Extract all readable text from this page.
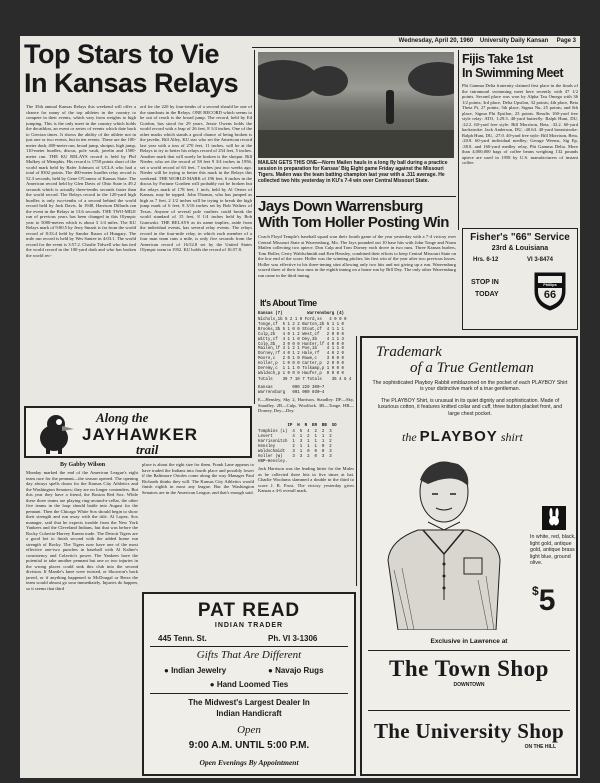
Wednesday, April 20, 1960 University Daily Kansan Page 3
Top Stars to Vie
In Kansas Relays
The 35th annual Kansas Relays this weekend will offer a chance for many of the top athletes in the country to compete in their events, which vary from weights to high jumping. This is the only meet in the country which holds the decathlon, an event or series of events which date back to Grecian times. It shows the ability of the athlete not in just one or two events, but in ten events. These are the 100-meter dash, 400-meter run, broad jump, shotput, high jump, 110-meter hurdles, discus, pole vault, javelin and 1500-meter run. THE KU RELAYS record is held by Phil Mulkey of Memphis. His record is 1758 points short of the world mark held by Rafer Johnson of UCLA who had a total of 8302 points. The 400-meter hurdles relay record is 52.3 seconds, held by Gene O'Connor of Kansas State. The American record held by Glen Davis of Ohio State is 49.2 seconds which is actually three-tenths seconds faster than the world record. The Relays record in the 120-yard high hurdles is only two-tenths of a second behind the world record held by Jack Davis. In 1948, Harrison Dillards ran the event in the Relays in 13.6 seconds. THE TWO-MILE run of previous years has been changed in this Olympic year to 5000-meters which is about 3 1/4 miles. The KU Relays mark of 9:00.5 by Jerry Smartt is far from the world record of 8:33.4 held by Sandor Iharos of Hungary. The mile run record is held by Wes Santee in 4:03.1. The world record for the event is 3:57.2. Charlie Tidwell who has tied the world record in the 100-yard dash and who has broken the world rec-
ord for the 220 by four-tenths of a second should be one of the standouts in the Relays. ONE RECORD which seems to be out of reach is the broad jump. The record, held by Ed Gordon, has stood for 29 years. Jessie Owens holds the world record with a leap of 26 feet, 8 1/4 inches. One of the other marks which stands a good chance of being broken is the javelin. Bill Alley, KU star who set the American record last year with a toss of 270 feet, 11 inches, will be at the Relays to try to better his relays record of 254 feet, 5 inches. Another mark that will surely be broken is the shotput. Bill Nieder, who set the record of 58 feet 9 3/4 inches in 1956, set a world record of 63 feet, 7 inches just two weeks ago. Nieder will be trying to better this mark in the Relays this weekend. THE WORLD MARK of 196 feet, 6 inches in the discus by Fortune Gordien will probably not be broken but the relays mark of 178 feet, 1 inch, held by Al Oerter of Kansas, may be topped. John Thomas, who has jumped as high as 7 feet, 2 1/2 inches will be trying to break the high jump mark of 6 feet, 8 3/16 inches set by Bob Walters of Texas. Anyone of several pole vaulters could break the world standard of 15 feet, 8 1/4 inches held by Bob Gutowski. THE RELAYS as its name implies, aside from the individual events, has several relay events. The relays record in the four-mile relay, in which each member of a four man team runs a mile, is only five seconds from the American record of 16:52.8 set by the United States Olympic team in 1952. KU holds the record of 16:57.8.
MAILEN GETS THIS ONE—Norm Mailen hauls in a long fly ball during a practice session in preparation for Kansas' Big Eight game Friday against the Missouri Tigers. Mailen was the team batting champion last year with a .311 average. He collected two hits yesterday in KU's 7-4 win over Central Missouri State.
Fijis Take 1st
In Swimming Meet
Phi Gamma Delta fraternity claimed first place in the finals of the intramural swimming meet here recently with 47 1/2 points. Second place was won by Alpha Tau Omega with 36 1/2 points; 3rd place, Delta Upsilon, 32 points; 4th place, Beta Theta Pi, 27 points; 5th place, Sigma Nu, 25 points; and 6th place, Sigma Phi Epsilon, 23 points. Results 160-yard free style relay: ATO, 1:29.3. 40-yard butterfly: Ralph Hunt, DU, :22.2. 60-yard free style: Bill Morrison, Beta, :32.2. 60-yard backstroke: Jack Anderson, DU, :40.64. 40-yard breaststroke: Ralph Hunt, DU, :27.0. 40-yard free style: Bill Morrison, Beta, :20.8. 60-yard individual medley; George Weems, Sig Ep, :38.0, and 160-yard medley relay, Phi Gamma Delta. More than 4,000,000 bags of coffee beans weighing 132 pounds apiece are used in 1958 by U.S. manufacturers of instant coffee.
Jays Down Warrensburg
With Tom Holler Posting Win
Coach Floyd Temple's baseball squad won their fourth game of the year yesterday with a 7-4 victory over Central Missouri State at Warrensburg, Mo. The Jays pounded out 10 base hits with John Tonge and Norm Mailen collecting two apiece. Don Culp and Tom Dorney each drove in two runs. Three Kansas hurlers, Tom Holler, Gerry Waldschmidt and Ken Hensley, combined their efforts to keep Central Missouri State on the low end of the score. Holler was the winning pitcher, his first win of the year after two previous losses. Holler was effective in his three-inning stint allowing only two hits and not giving up a run. Warrensburg scored three of their four runs in the eighth inning on a home run by Bill Dey. The only other Warrensburg run came in the third inning.
Fisher's "66" Service
23rd & Louisiana
Hrs. 6-12	VI 3-8474
STOP IN
TODAY
Phillips
66
It's About Time
Kansas (7)          Warrensburg (4)
Nichols,1b 5 2 1 0 Ford,ss   4 0 0 0
Tonge,cf  5 1 2 2 Burton,2b 5 1 1 0
Brooks,3b 5 1 0 0 Stout,cf  4 1 1 1
Culp,2b   4 0 1 2 West,cf   2 0 0 0
Witty,cf  4 1 1 0 Dey,3b    4 1 1 3
Cole,3b   3 0 0 0 Hunter,lf 4 0 0 0
Mailen,lf 4 1 2 1 Poe,1b    4 1 1 0
Dorney,rf 4 0 1 2 Hale,rf   4 0 2 0
Moore,c   2 0 1 0 Rowe,c    3 0 0 0
Holler,p  1 0 0 0 Carter,p  2 0 0 0
Deremy,c  1 1 1 0 Tolkamp,p 1 0 0 0
Waldsch,p 1 0 0 0 Haufer,p  0 0 0 0
Totals    39 7 10 7 Totals    35 4 8 4
Kansas        000 220 300—7
Warrensburg   001 000 030—4
E—Hensley, Sky 2, Harrison, Staudley. DP—Sky, Staudley. 2B—Culp, Woolfork. 3B—Tonge. HR—Dorney, Dey—Dey.
IP  H  R  ER  BB  SO
Tompkins (L)  4  5  4  2  2  3
Levert        4  1  2  1  1  2
Harrisonitch  1  3  1  1  1  2
Hensley       2  1  1  1  0  2
Waldschmidt   3  1  0  0  0  3
Holler (W)    3  3  2  0  3  3
HBP—Hensley.
Jack Harrison was the leading hitter for the Mules as he collected three hits in five times at bat. Charlie Woolums slammed a double in the third to score J. B. Frost. The victory yesterday gives Kansas a 4-6 overall mark.
Along the
JAYHAWKER
trail
By Gabby Wilson
Monday marked the end of the American League's eight team race for the pennant—the season opened. The opening day always spells doom for the Kansas City Athletics and the Washington Senators; they are no longer contenders. But this year they have a friend, the Boston Red Sox. While these three teams are playing ring-around-a-cellar, the other five teams in the loop should battle into August for the pennant. Then the Chicago White Sox should begin to show their strength and run away with the title. Al Lopez, Sox manager, said that he expects trouble from the New York Yankees and the Cleveland Indians, but that was before the Rocky Colavito-Harvey Kuenn trade. The Detroit Tigers are a good bet to finish second with the added home run strength of Rocky. The Tigers now have one of the most effective one-two punches in baseball with Al Kaline's consistency and Colavito's power. The Yankees have the potential to take another pennant but one or two injuries in the wrong places could sink this club into the second division. If Mantle's knee were twisted, or Skowron's back jarred, or if anything happened to McDougal or Berra the team would almost go sour immediately. Injuries do happen, so it seems that third
place is about the right size for them. Frank Lane appears to have traded the Indians into fourth place and possibly lower if the Baltimore Orioles come along the way Manager Paul Richards thinks they will. The Kansas City Athletics would finish eighth in most any league. But the Washington Senators are in the American League, and that's enough said.
PAT READ
INDIAN TRADER
445 Tenn. St.	Ph. VI 3-1306
Gifts That Are Different
● Indian Jewelry	● Navajo Rugs
● Hand Loomed Ties
The Midwest's Largest Dealer In
Indian Handicraft
Open
9:00 A.M. UNTIL 5:00 P.M.
Open Evenings By Appointment
Trademark
of a True Gentleman
The sophisticated Playboy Rabbit emblazoned on the pocket of each PLAYBOY Shirt is your distinctive mark of a true gentleman.
The PLAYBOY Shirt, is unusual in its quiet dignity and sophistication. Made of luxurious cotton, it features knitted collar and cuff, three button placket front, and large chest pocket.
the PLAYBOY shirt
In white, red, black, light gold, antique gold, antique brass light blue, ground olive.
$5
Exclusive in Lawrence at
The Town Shop
DOWNTOWN
The University Shop
ON THE HILL
